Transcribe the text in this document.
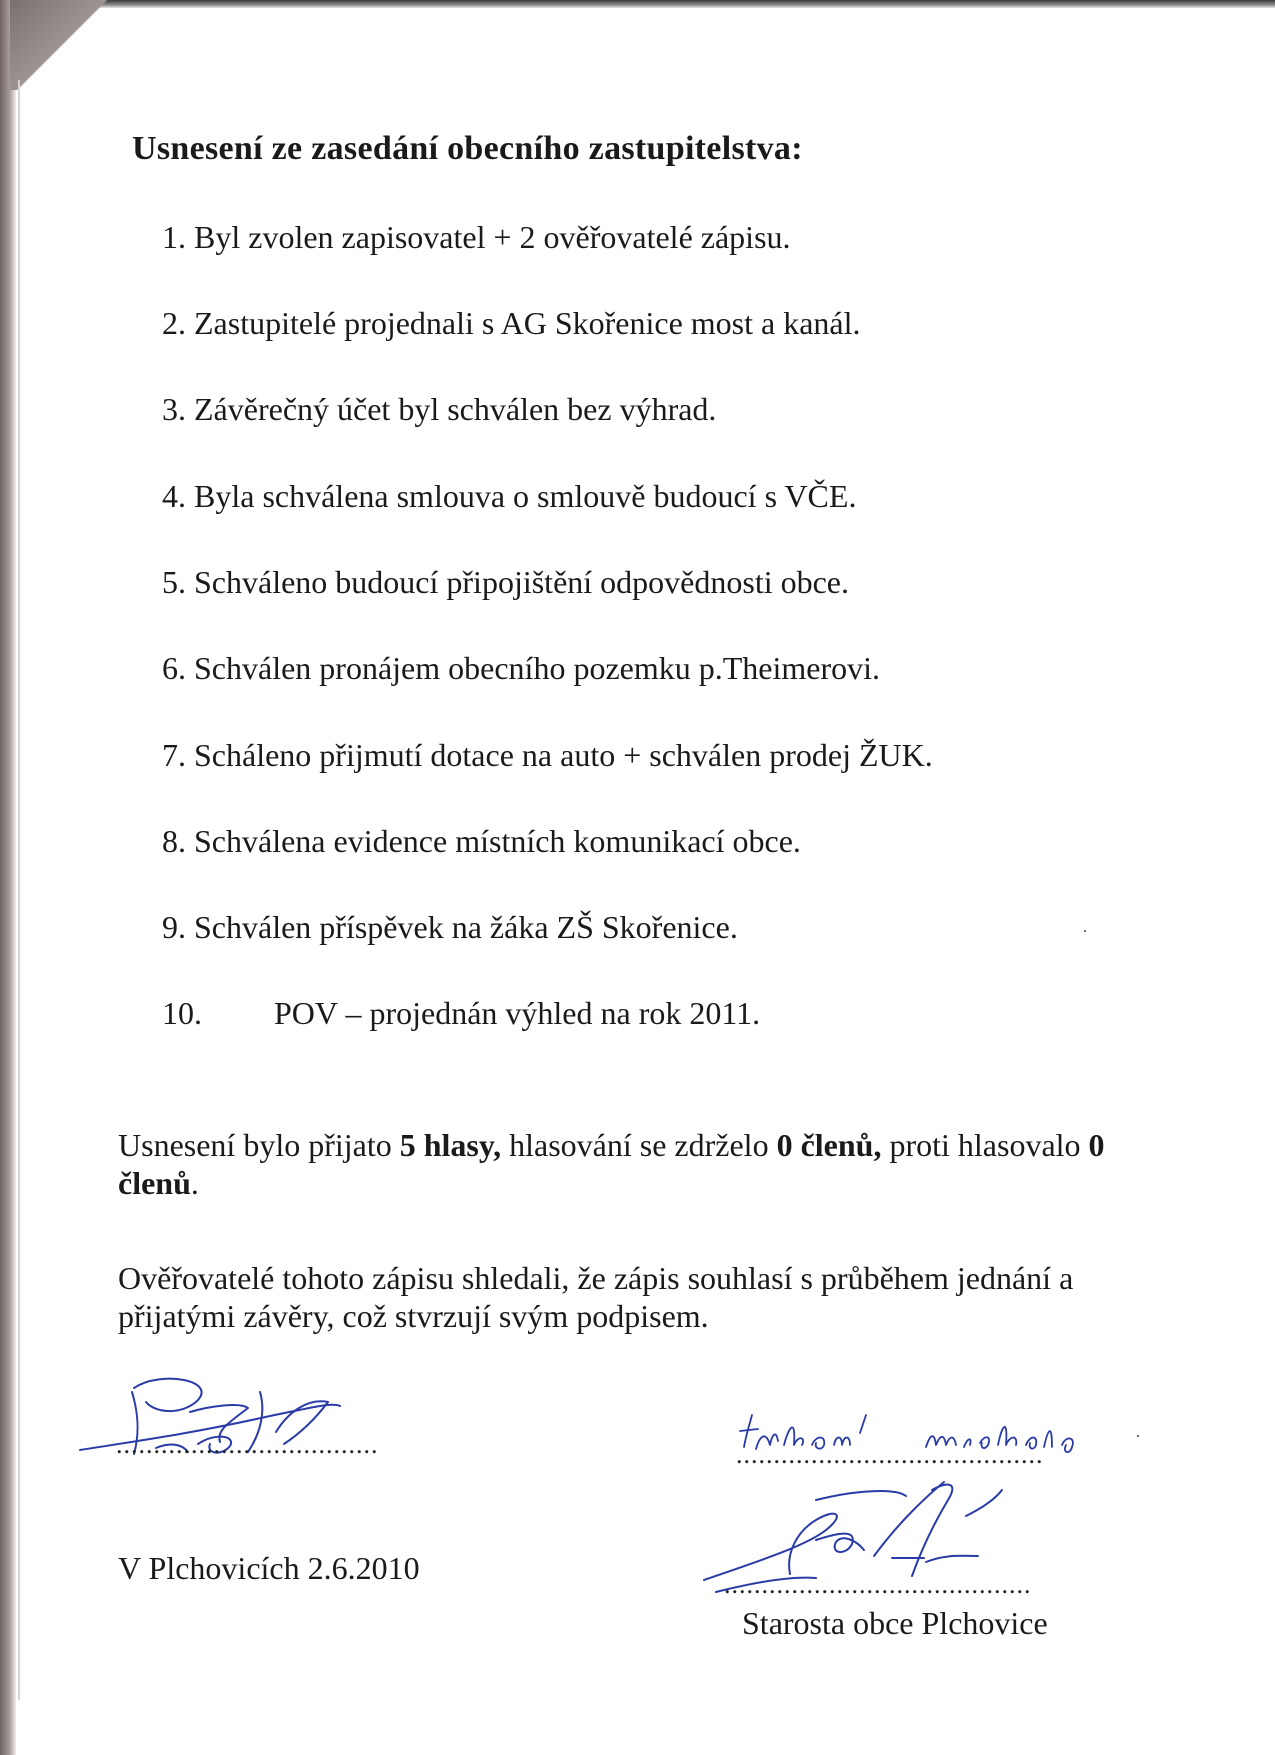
Usnesení ze zasedání obecního zastupitelstva:
1. Byl zvolen zapisovatel + 2 ověřovatelé zápisu.
2. Zastupitelé projednali s AG Skořenice most a kanál.
3. Závěrečný účet byl schválen bez výhrad.
4. Byla schválena smlouva o smlouvě budoucí s VČE.
5. Schváleno budoucí připojištění odpovědnosti obce.
6. Schválen pronájem obecního pozemku p.Theimerovi.
7. Scháleno přijmutí dotace na auto + schválen prodej ŽUK.
8. Schválena evidence místních komunikací obce.
9. Schválen příspěvek na žáka ZŠ Skořenice.
10. POV – projednán výhled na rok 2011.

Usnesení bylo přijato 5 hlasy, hlasování se zdrželo 0 členů, proti hlasovalo 0 členů.

Ověřovatelé tohoto zápisu shledali, že zápis souhlasí s průběhem jednání a přijatými závěry, což stvrzují svým podpisem.

...................................	.........................................
.........................................
V Plchovicích 2.6.2010
Starosta obce Plchovice
